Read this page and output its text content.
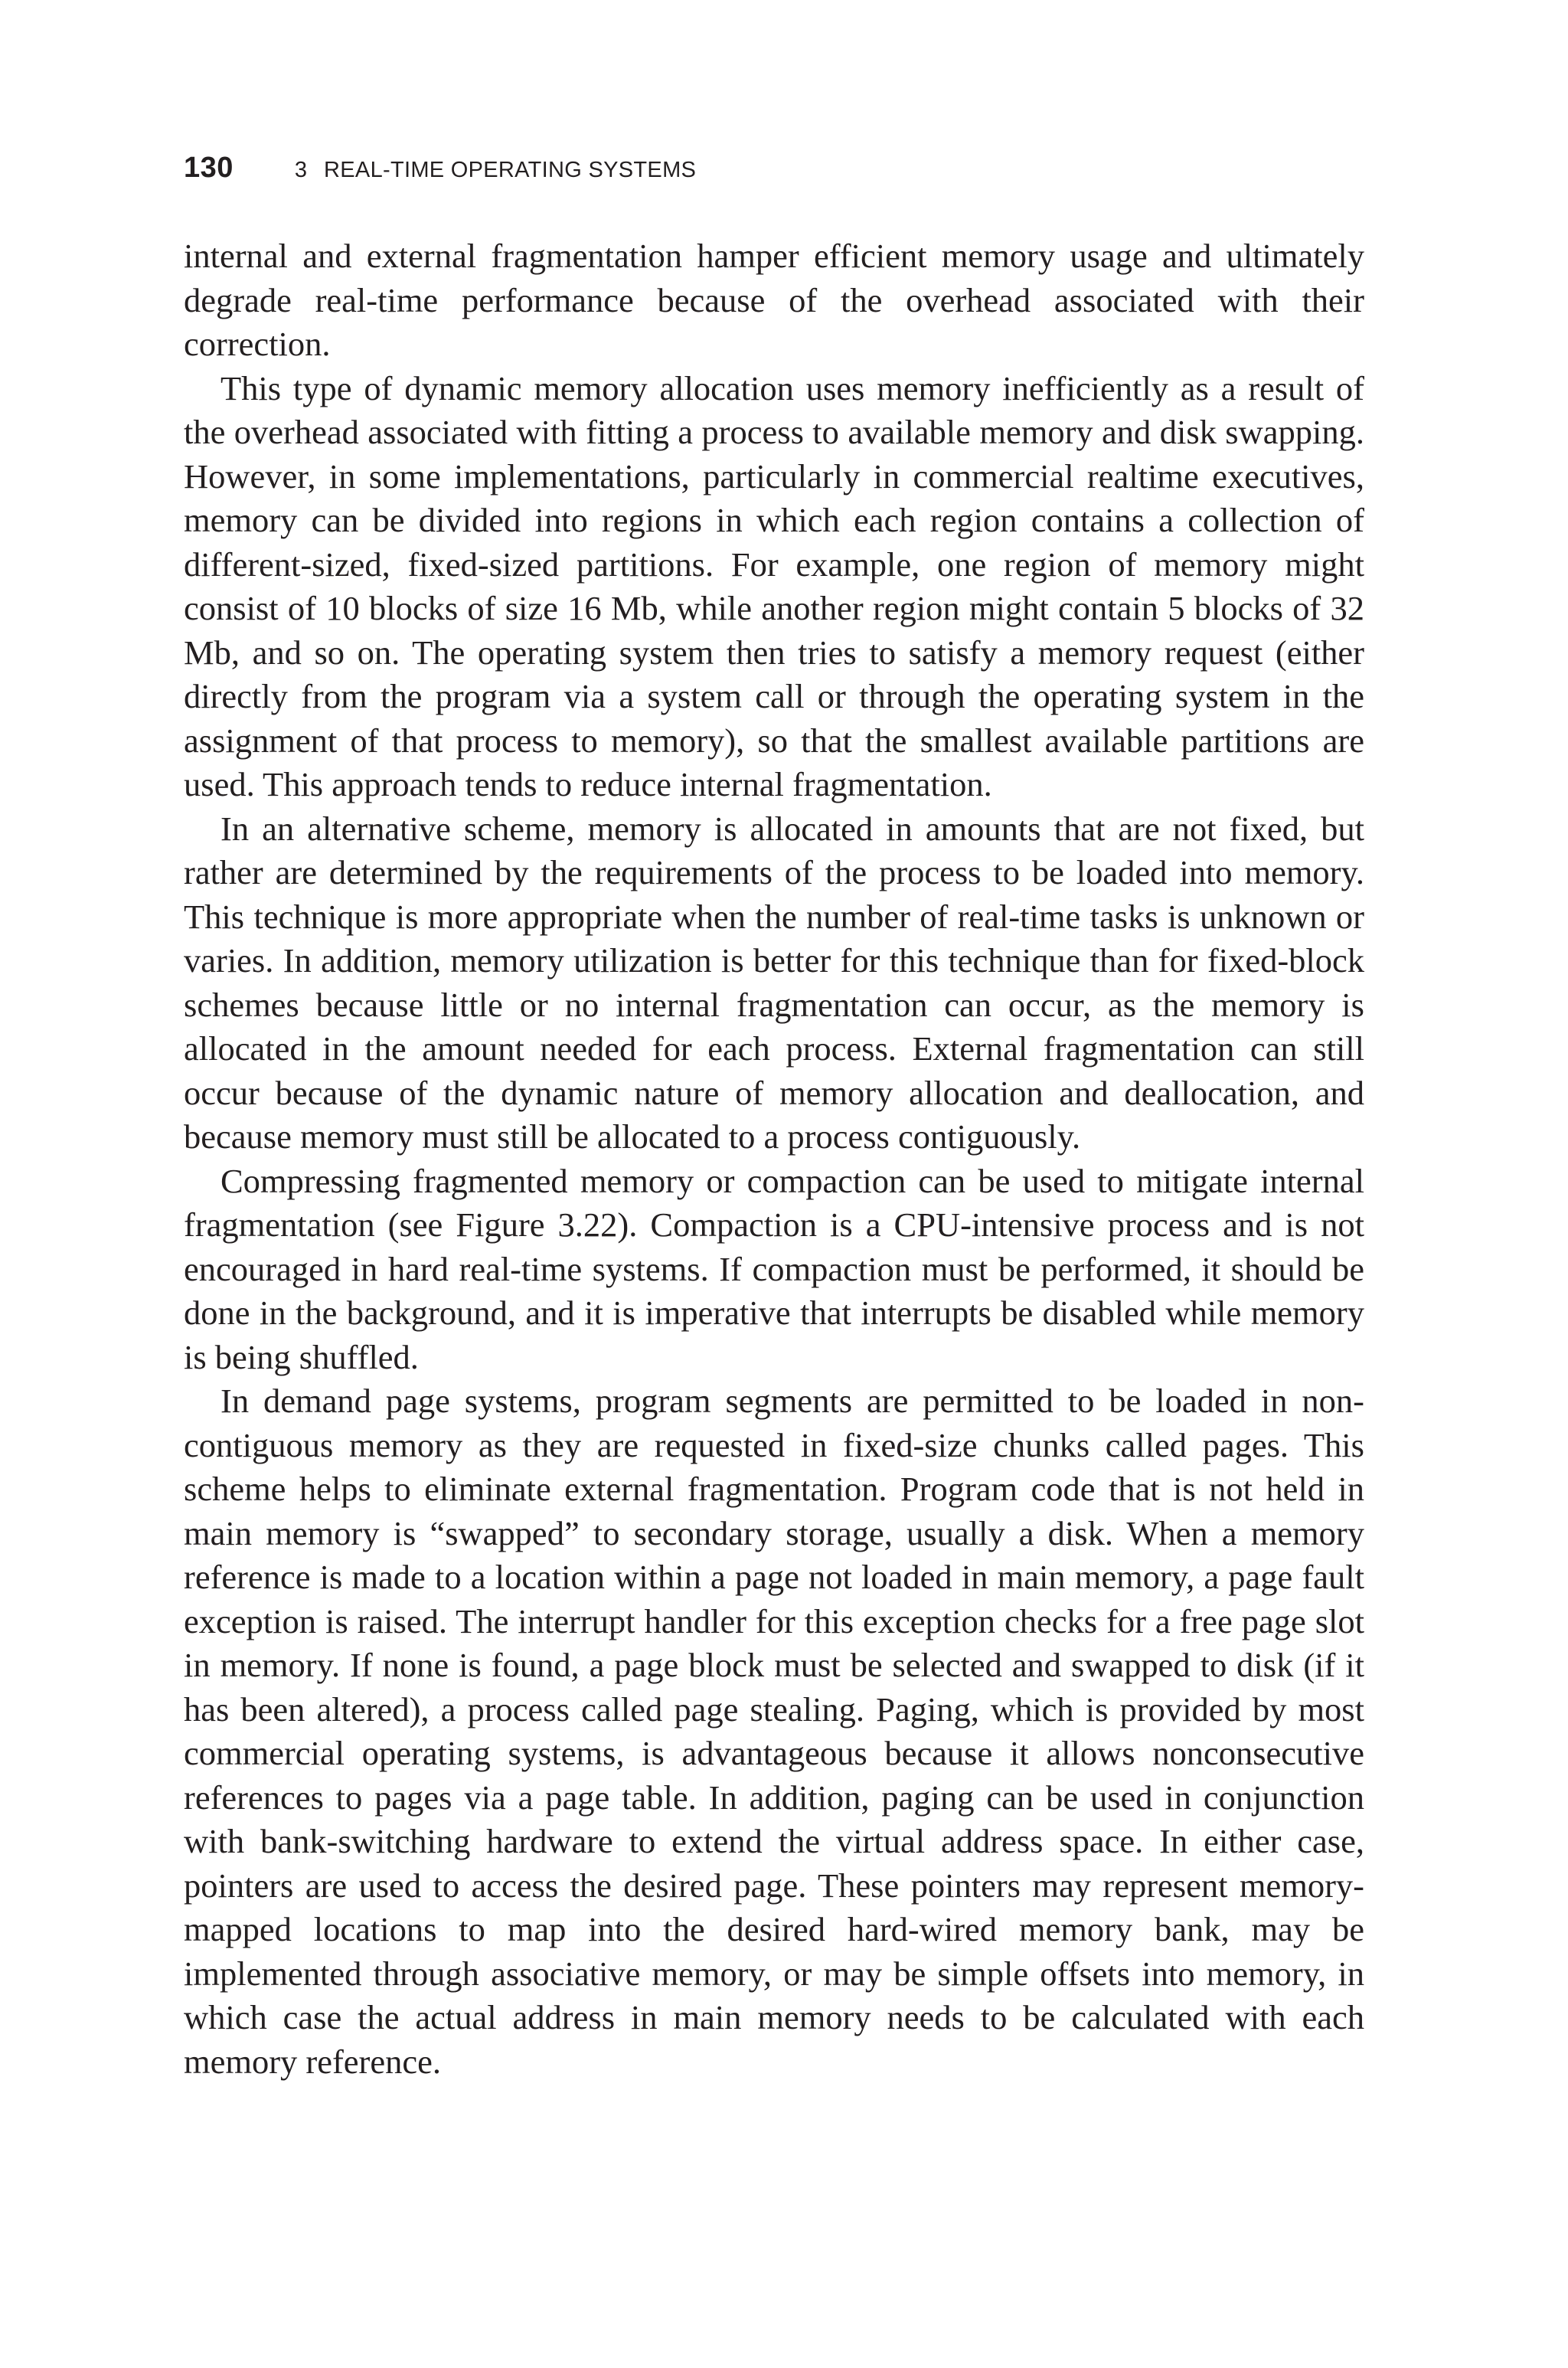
130	3 REAL-TIME OPERATING SYSTEMS

internal and external fragmentation hamper efficient memory usage and ultimately degrade real-time performance because of the overhead associated with their correction.

This type of dynamic memory allocation uses memory inefficiently as a result of the overhead associated with fitting a process to available memory and disk swapping. However, in some implementations, particularly in commercial realtime executives, memory can be divided into regions in which each region contains a collection of different-sized, fixed-sized partitions. For example, one region of memory might consist of 10 blocks of size 16 Mb, while another region might contain 5 blocks of 32 Mb, and so on. The operating system then tries to satisfy a memory request (either directly from the program via a system call or through the operating system in the assignment of that process to memory), so that the smallest available partitions are used. This approach tends to reduce internal fragmentation.

In an alternative scheme, memory is allocated in amounts that are not fixed, but rather are determined by the requirements of the process to be loaded into memory. This technique is more appropriate when the number of real-time tasks is unknown or varies. In addition, memory utilization is better for this technique than for fixed-block schemes because little or no internal fragmentation can occur, as the memory is allocated in the amount needed for each process. External fragmentation can still occur because of the dynamic nature of memory allocation and deallocation, and because memory must still be allocated to a process contiguously.

Compressing fragmented memory or compaction can be used to mitigate internal fragmentation (see Figure 3.22). Compaction is a CPU-intensive process and is not encouraged in hard real-time systems. If compaction must be performed, it should be done in the background, and it is imperative that interrupts be disabled while memory is being shuffled.

In demand page systems, program segments are permitted to be loaded in noncontiguous memory as they are requested in fixed-size chunks called pages. This scheme helps to eliminate external fragmentation. Program code that is not held in main memory is “swapped” to secondary storage, usually a disk. When a memory reference is made to a location within a page not loaded in main memory, a page fault exception is raised. The interrupt handler for this exception checks for a free page slot in memory. If none is found, a page block must be selected and swapped to disk (if it has been altered), a process called page stealing. Paging, which is provided by most commercial operating systems, is advantageous because it allows nonconsecutive references to pages via a page table. In addition, paging can be used in conjunction with bank-switching hardware to extend the virtual address space. In either case, pointers are used to access the desired page. These pointers may represent memory-mapped locations to map into the desired hard-wired memory bank, may be implemented through associative memory, or may be simple offsets into memory, in which case the actual address in main memory needs to be calculated with each memory reference.
